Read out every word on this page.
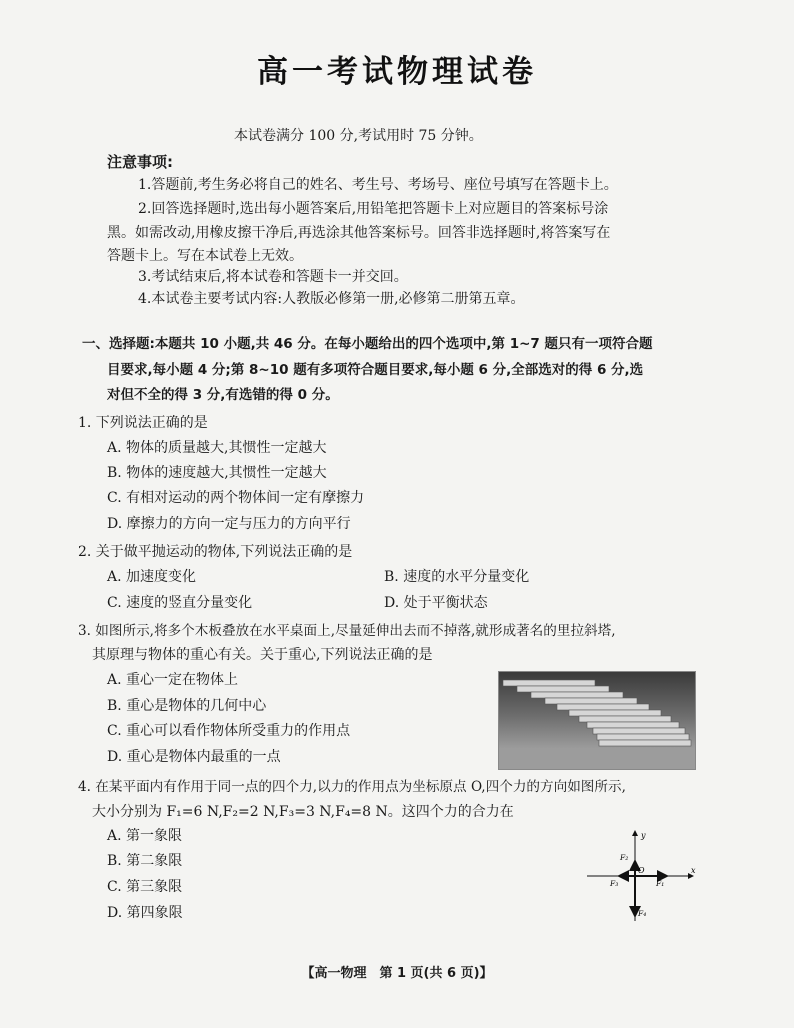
高一考试物理试卷
本试卷满分 100 分,考试用时 75 分钟。
注意事项:
1.答题前,考生务必将自己的姓名、考生号、考场号、座位号填写在答题卡上。
2.回答选择题时,选出每小题答案后,用铅笔把答题卡上对应题目的答案标号涂
黑。如需改动,用橡皮擦干净后,再选涂其他答案标号。回答非选择题时,将答案写在
答题卡上。写在本试卷上无效。
3.考试结束后,将本试卷和答题卡一并交回。
4.本试卷主要考试内容:人教版必修第一册,必修第二册第五章。
一、选择题:本题共 10 小题,共 46 分。在每小题给出的四个选项中,第 1~7 题只有一项符合题
目要求,每小题 4 分;第 8~10 题有多项符合题目要求,每小题 6 分,全部选对的得 6 分,选
对但不全的得 3 分,有选错的得 0 分。
1. 下列说法正确的是
A. 物体的质量越大,其惯性一定越大
B. 物体的速度越大,其惯性一定越大
C. 有相对运动的两个物体间一定有摩擦力
D. 摩擦力的方向一定与压力的方向平行
2. 关于做平抛运动的物体,下列说法正确的是
A. 加速度变化	B. 速度的水平分量变化
C. 速度的竖直分量变化	D. 处于平衡状态
3. 如图所示,将多个木板叠放在水平桌面上,尽量延伸出去而不掉落,就形成著名的里拉斜塔,
其原理与物体的重心有关。关于重心,下列说法正确的是
A. 重心一定在物体上
B. 重心是物体的几何中心
C. 重心可以看作物体所受重力的作用点
D. 重心是物体内最重的一点
4. 在某平面内有作用于同一点的四个力,以力的作用点为坐标原点 O,四个力的方向如图所示,
大小分别为 F₁=6 N,F₂=2 N,F₃=3 N,F₄=8 N。这四个力的合力在
A. 第一象限
B. 第二象限
C. 第三象限
D. 第四象限
y
x
O
F₁
F₂
F₃
F₄
【高一物理　第 1 页(共 6 页)】
